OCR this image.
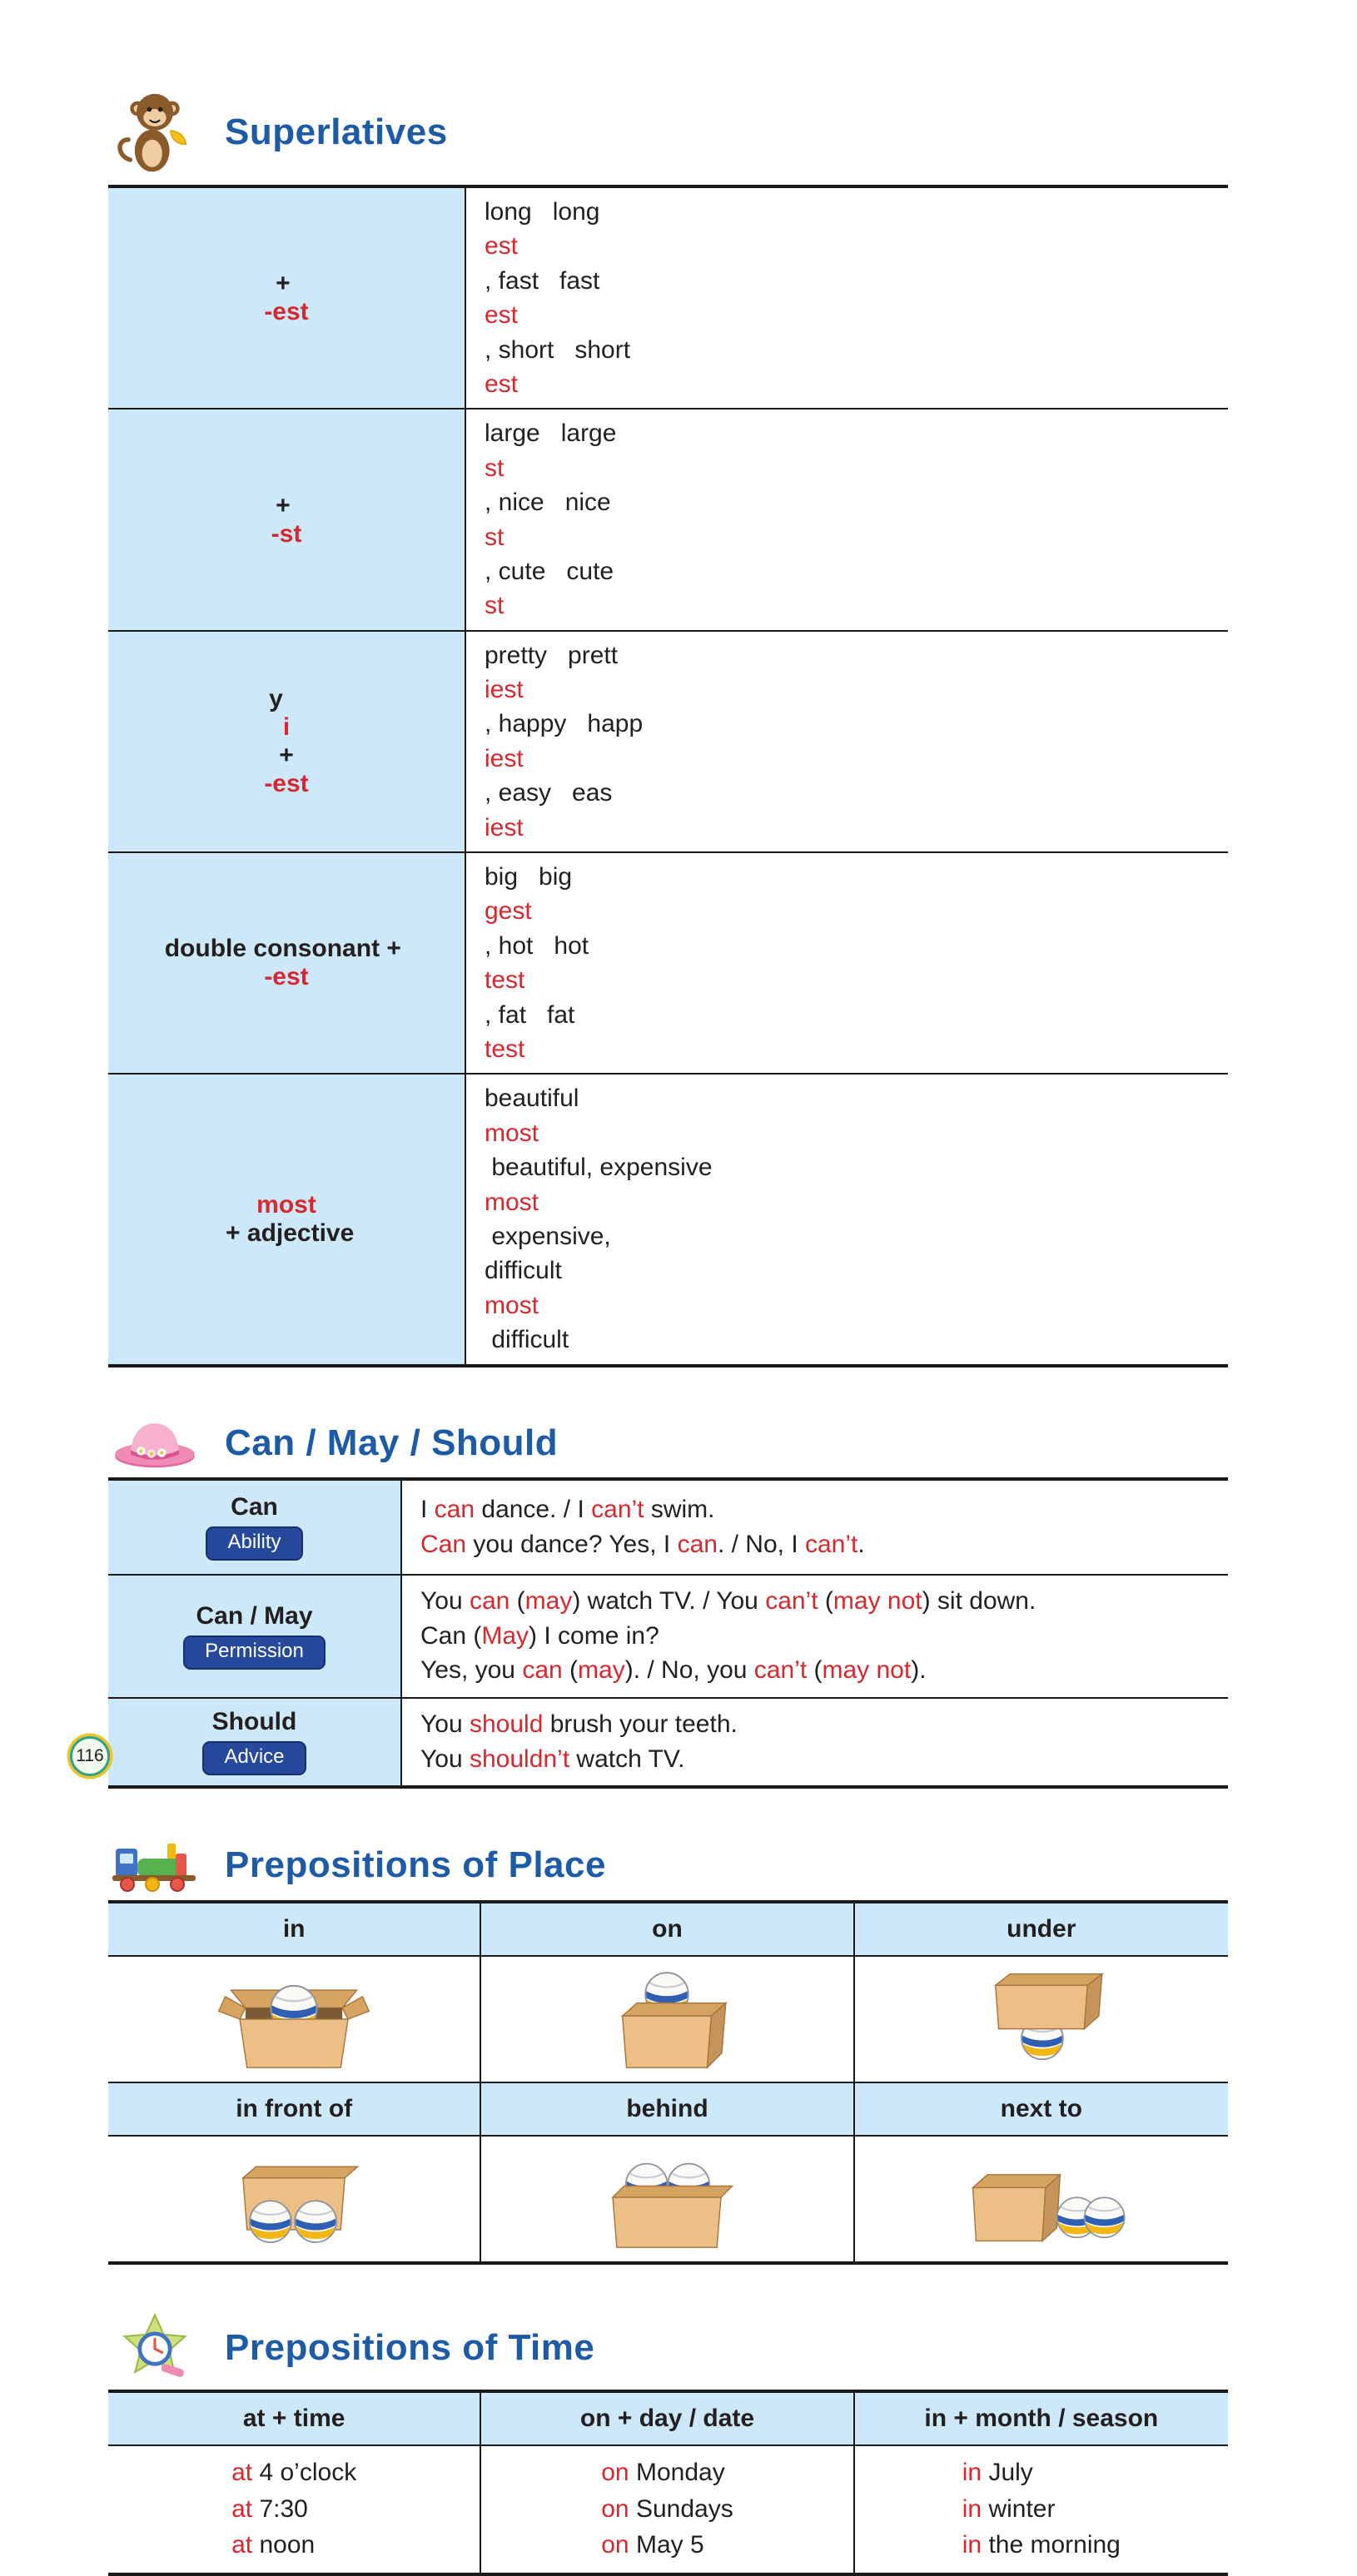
Superlatives
+
-est
long   long
est
, fast   fast
est
, short   short
est
+
-st
large   large
st
, nice   nice
st
, cute   cute
st
y
i
+
-est
pretty   prett
iest
, happy   happ
iest
, easy   eas
iest
double consonant +
-est
big   big
gest
, hot   hot
test
, fat   fat
test
most
+ adjective
beautiful
most
beautiful, expensive
most
expensive,
difficult
most
difficult
Can / May / Should
Can
Ability
I can dance. / I can’t swim.
Can you dance? Yes, I can. / No, I can’t.
Can / May
Permission
You can (may) watch TV. / You can’t (may not) sit down.
Can (May) I come in?
Yes, you can (may). / No, you can’t (may not).
Should
Advice
You should brush your teeth.
You shouldn’t watch TV.
Prepositions of Place
in	on	under
in front of	behind	next to
Prepositions of Time
at + time	on + day / date	in + month / season
at 4 o’clock
at 7:30
at noon
on Monday
on Sundays
on May 5
in July
in winter
in the morning
116
